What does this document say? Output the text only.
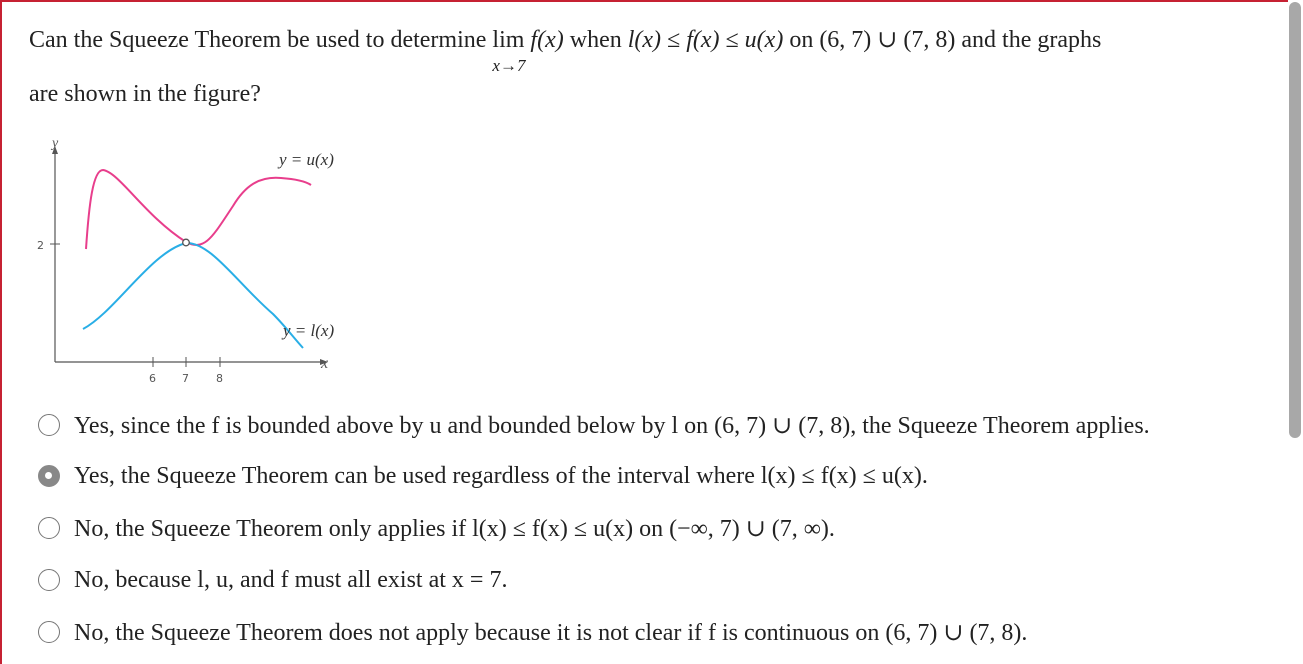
Can the Squeeze Theorem be used to determine lim
x→7
f(x) when l(x) ≤ f(x) ≤ u(x) on (6, 7) ∪ (7, 8) and the graphs
are shown in the figure?
y
x
2
6 7 8
y = u(x)
y = l(x)
Yes, since the f is bounded above by u and bounded below by l on (6, 7) ∪ (7, 8), the Squeeze Theorem applies.
Yes, the Squeeze Theorem can be used regardless of the interval where l(x) ≤ f(x) ≤ u(x).
No, the Squeeze Theorem only applies if l(x) ≤ f(x) ≤ u(x) on (−∞, 7) ∪ (7, ∞).
No, because l, u, and f must all exist at x = 7.
No, the Squeeze Theorem does not apply because it is not clear if f is continuous on (6, 7) ∪ (7, 8).
